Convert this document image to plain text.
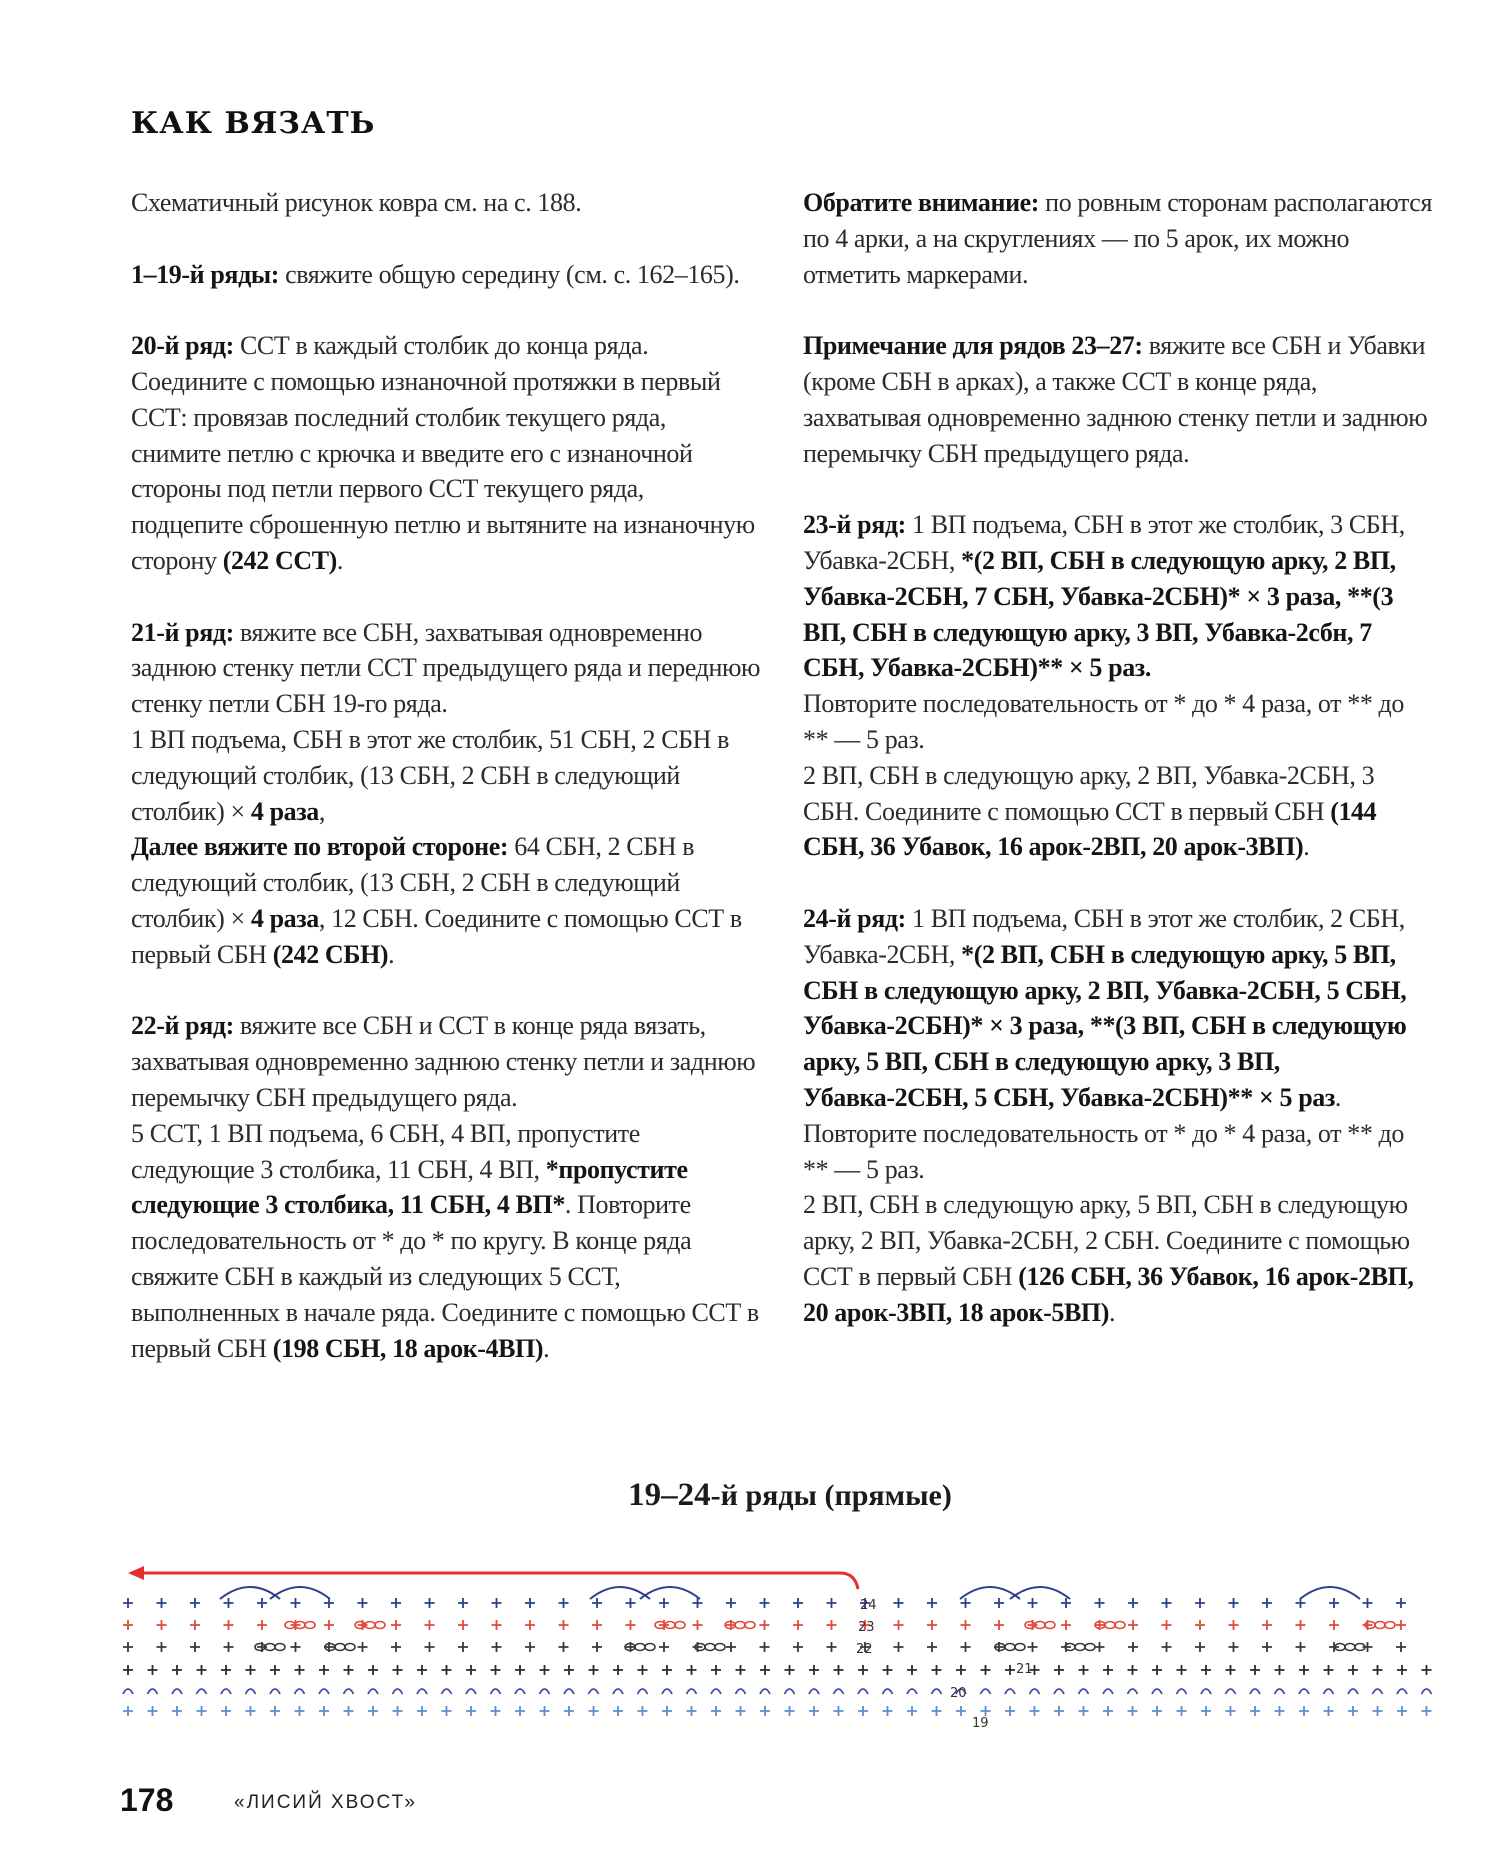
КАК ВЯЗАТЬ

Схематичный рисунок ковра см. на с. 188.

1–19-й ряды: свяжите общую середину (см. с. 162–165).

20-й ряд: ССТ в каждый столбик до конца ряда. Соедините с помощью изнаночной протяжки в первый ССТ: провязав последний столбик текущего ряда, снимите петлю с крючка и введите его с изнаночной стороны под петли первого ССТ текущего ряда, подцепите сброшенную петлю и вытяните на изнаночную сторону (242 ССТ).

21-й ряд: вяжите все СБН, захватывая одновременно заднюю стенку петли ССТ предыдущего ряда и переднюю стенку петли СБН 19-го ряда.
1 ВП подъема, СБН в этот же столбик, 51 СБН, 2 СБН в следующий столбик, (13 СБН, 2 СБН в следующий столбик) × 4 раза,
Далее вяжите по второй стороне: 64 СБН, 2 СБН в следующий столбик, (13 СБН, 2 СБН в следующий столбик) × 4 раза, 12 СБН. Соедините с помощью ССТ в первый СБН (242 СБН).

22-й ряд: вяжите все СБН и ССТ в конце ряда вязать, захватывая одновременно заднюю стенку петли и заднюю перемычку СБН предыдущего ряда.
5 ССТ, 1 ВП подъема, 6 СБН, 4 ВП, пропустите следующие 3 столбика, 11 СБН, 4 ВП, *пропустите следующие 3 столбика, 11 СБН, 4 ВП*. Повторите последовательность от * до * по кругу. В конце ряда свяжите СБН в каждый из следующих 5 ССТ, выполненных в начале ряда. Соедините с помощью ССТ в первый СБН (198 СБН, 18 арок-4ВП).

Обратите внимание: по ровным сторонам располагаются по 4 арки, а на скруглениях — по 5 арок, их можно отметить маркерами.

Примечание для рядов 23–27: вяжите все СБН и Убавки (кроме СБН в арках), а также ССТ в конце ряда, захватывая одновременно заднюю стенку петли и заднюю перемычку СБН предыдущего ряда.

23-й ряд: 1 ВП подъема, СБН в этот же столбик, 3 СБН, Убавка-2СБН, *(2 ВП, СБН в следующую арку, 2 ВП, Убавка-2СБН, 7 СБН, Убавка-2СБН)* × 3 раза, **(3 ВП, СБН в следующую арку, 3 ВП, Убавка-2сбн, 7 СБН, Убавка-2СБН)** × 5 раз.
Повторите последовательность от * до * 4 раза, от ** до ** — 5 раз.
2 ВП, СБН в следующую арку, 2 ВП, Убавка-2СБН, 3 СБН. Соедините с помощью ССТ в первый СБН (144 СБН, 36 Убавок, 16 арок-2ВП, 20 арок-3ВП).

24-й ряд: 1 ВП подъема, СБН в этот же столбик, 2 СБН, Убавка-2СБН, *(2 ВП, СБН в следующую арку, 5 ВП, СБН в следующую арку, 2 ВП, Убавка-2СБН, 5 СБН, Убавка-2СБН)* × 3 раза, **(3 ВП, СБН в следующую арку, 5 ВП, СБН в следующую арку, 3 ВП, Убавка-2СБН, 5 СБН, Убавка-2СБН)** × 5 раз.
Повторите последовательность от * до * 4 раза, от ** до ** — 5 раз.
2 ВП, СБН в следующую арку, 5 ВП, СБН в следующую арку, 2 ВП, Убавка-2СБН, 2 СБН. Соедините с помощью ССТ в первый СБН (126 СБН, 36 Убавок, 16 арок-2ВП, 20 арок-3ВП, 18 арок-5ВП).

19–24-й ряды (прямые)
24
23
22
21
20
19
178	«ЛИСИЙ ХВОСТ»
